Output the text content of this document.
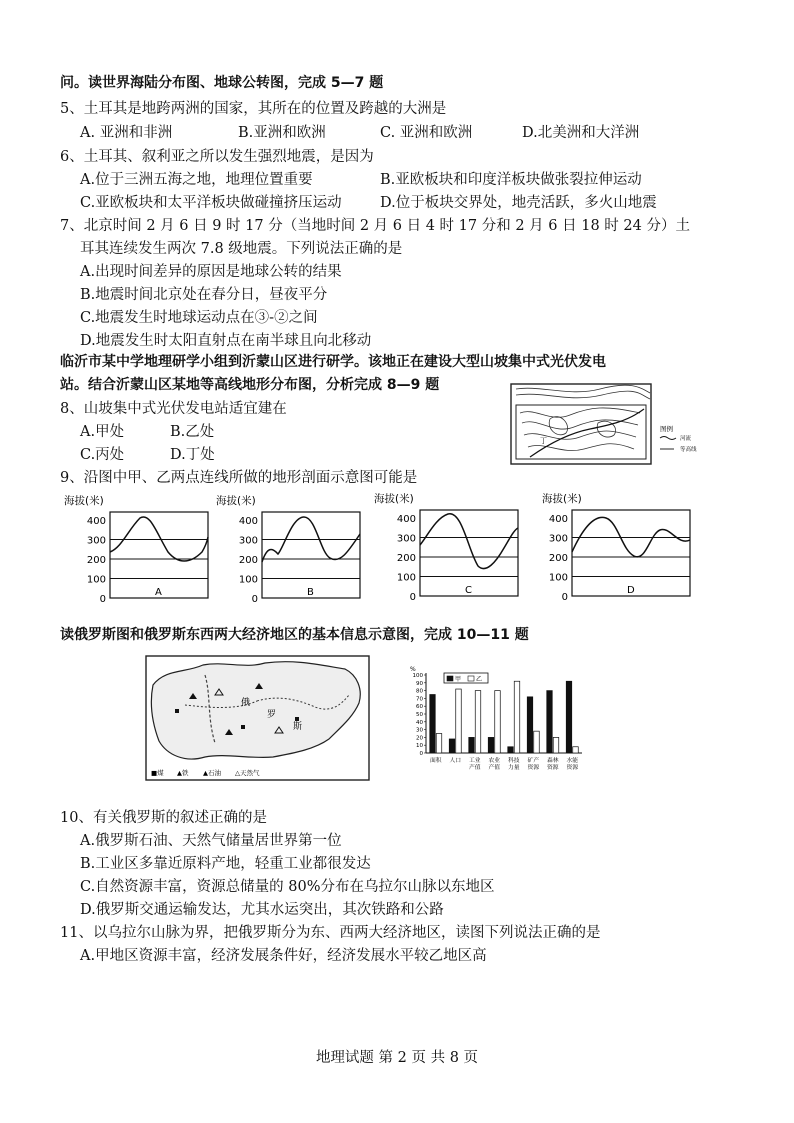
问。读世界海陆分布图、地球公转图，完成 5—7 题
5、土耳其是地跨两洲的国家，其所在的位置及跨越的大洲是
A. 亚洲和非洲	B.亚洲和欧洲	C. 亚洲和欧洲	D.北美洲和大洋洲
6、土耳其、叙利亚之所以发生强烈地震，是因为
A.位于三洲五海之地，地理位置重要	B.亚欧板块和印度洋板块做张裂拉伸运动
C.亚欧板块和太平洋板块做碰撞挤压运动	D.位于板块交界处，地壳活跃，多火山地震
7、北京时间 2 月 6 日 9 时 17 分（当地时间 2 月 6 日 4 时 17 分和 2 月 6 日 18 时 24 分）土
耳其连续发生两次 7.8 级地震。下列说法正确的是
A.出现时间差异的原因是地球公转的结果
B.地震时间北京处在春分日，昼夜平分
C.地震发生时地球运动点在③-②之间
D.地震发生时太阳直射点在南半球且向北移动
临沂市某中学地理研学小组到沂蒙山区进行研学。该地正在建设大型山坡集中式光伏发电
站。结合沂蒙山区某地等高线地形分布图，分析完成 8—9 题
8、山坡集中式光伏发电站适宜建在
A.甲处	B.乙处
C.丙处	D.丁处
丁
图例
河流
等高线
9、沿图中甲、乙两点连线所做的地形剖面示意图可能是
海拔(米)
400
300
200
100
0
A
海拔(米)
400
300
200
100
0
B
海拔(米)
400
300
200
100
0
C
海拔(米)
400
300
200
100
0
D
读俄罗斯图和俄罗斯东西两大经济地区的基本信息示意图，完成 10—11 题
俄
罗
斯
■煤 ▲铁 ▲石油 △天然气
%
0
10
20
30
40
50
60
70
80
90
100	甲 乙
面积 人口 工业
产值
农业
产值
科技
力量
矿产
资源
森林
资源
水能
资源
10、有关俄罗斯的叙述正确的是
A.俄罗斯石油、天然气储量居世界第一位
B.工业区多靠近原料产地，轻重工业都很发达
C.自然资源丰富，资源总储量的 80%分布在乌拉尔山脉以东地区
D.俄罗斯交通运输发达，尤其水运突出，其次铁路和公路
11、以乌拉尔山脉为界，把俄罗斯分为东、西两大经济地区，读图下列说法正确的是
A.甲地区资源丰富，经济发展条件好，经济发展水平较乙地区高
地理试题 第 2 页 共 8 页
